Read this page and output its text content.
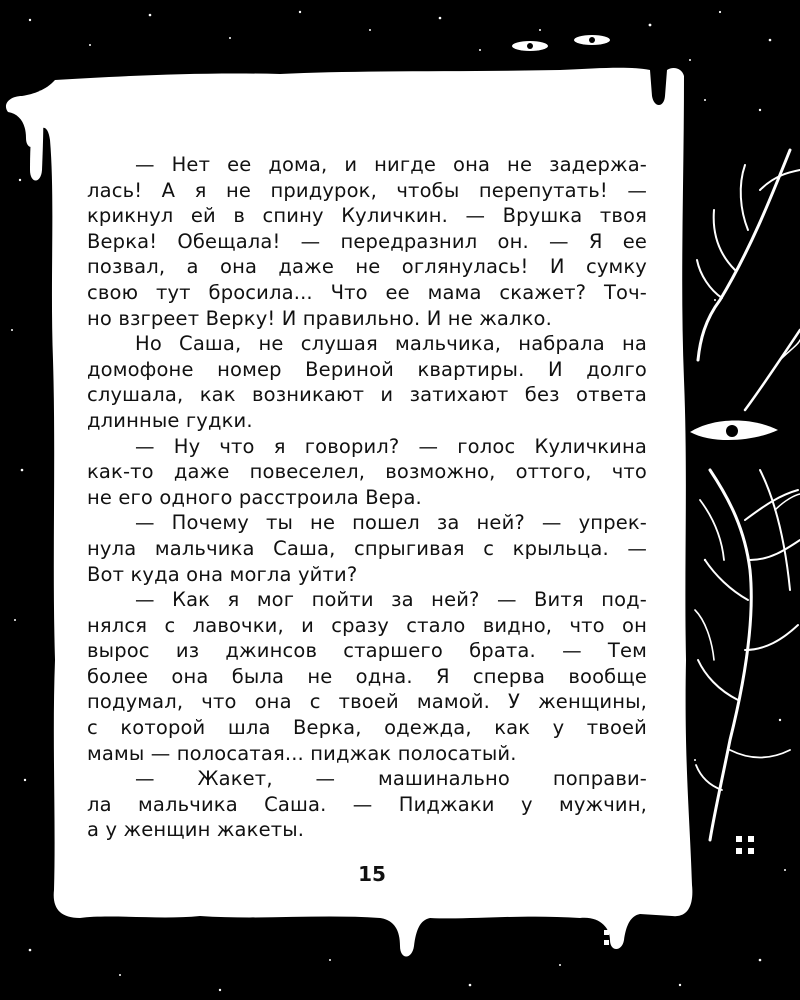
— Нет ее дома, и нигде она не задержа-
лась! А я не придурок, чтобы перепутать! —
крикнул ей в спину Куличкин. — Врушка твоя
Верка! Обещала! — передразнил он. — Я ее
позвал, а она даже не оглянулась! И сумку
свою тут бросила... Что ее мама скажет? Точ-
но взгреет Верку! И правильно. И не жалко.

Но Саша, не слушая мальчика, набрала на
домофоне номер Вериной квартиры. И долго
слушала, как возникают и затихают без ответа
длинные гудки.

— Ну что я говорил? — голос Куличкина
как-то даже повеселел, возможно, оттого, что
не его одного расстроила Вера.

— Почему ты не пошел за ней? — упрек-
нула мальчика Саша, спрыгивая с крыльца. —
Вот куда она могла уйти?

— Как я мог пойти за ней? — Витя под-
нялся с лавочки, и сразу стало видно, что он
вырос из джинсов старшего брата. — Тем
более она была не одна. Я сперва вообще
подумал, что она с твоей мамой. У женщины,
с которой шла Верка, одежда, как у твоей
мамы — полосатая... пиджак полосатый.

— Жакет, — машинально поправи-
ла мальчика Саша. — Пиджаки у мужчин,
а у женщин жакеты.

15
